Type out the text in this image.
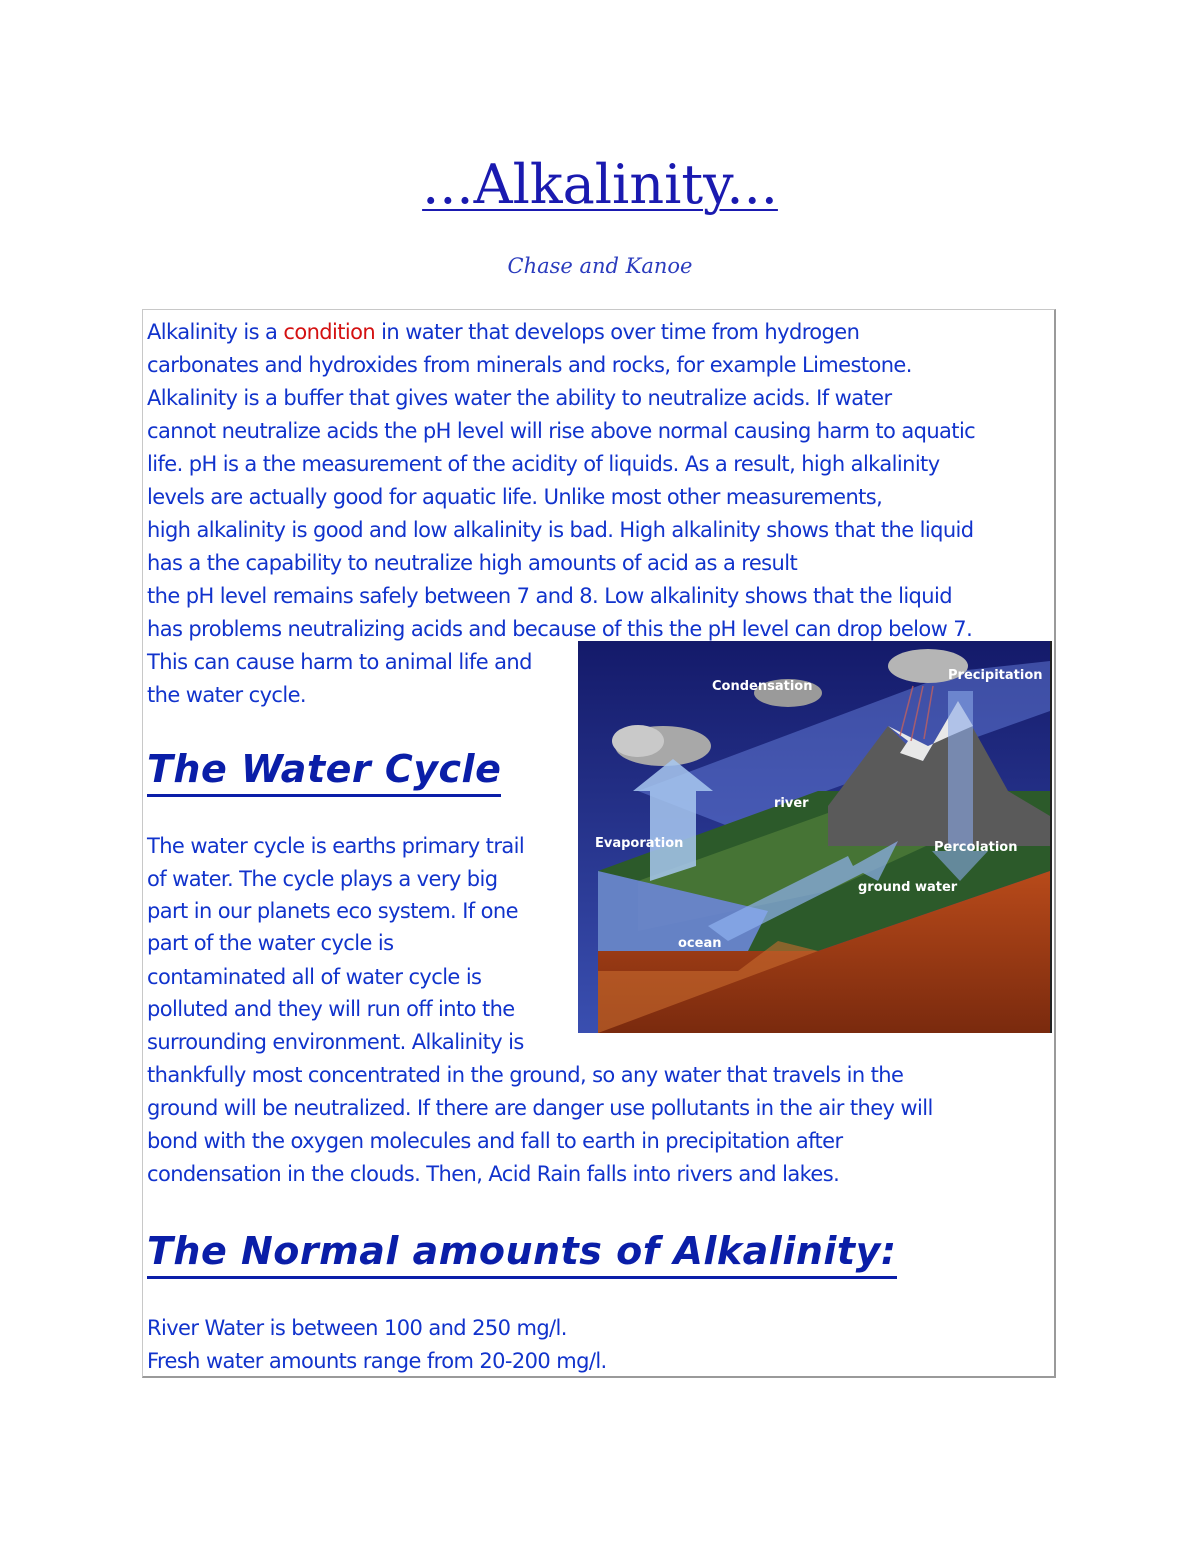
...Alkalinity...
Chase and Kanoe
Alkalinity is a condition in water that develops over time from hydrogen
carbonates and hydroxides from minerals and rocks, for example Limestone.
Alkalinity is a buffer that gives water the ability to neutralize acids. If water
cannot neutralize acids the pH level will rise above normal causing harm to aquatic
life. pH is a the measurement of the acidity of liquids. As a result, high alkalinity
levels are actually good for aquatic life. Unlike most other measurements,
high alkalinity is good and low alkalinity is bad. High alkalinity shows that the liquid
has a the capability to neutralize high amounts of acid as a result
the pH level remains safely between 7 and 8. Low alkalinity shows that the liquid
has problems neutralizing acids and because of this the pH level can drop below 7.
This can cause harm to animal life and
the water cycle.	Condensation
Precipitation
river
Evaporation	Percolation
ground water
ocean
The Water Cycle
The water cycle is earths primary trail
of water. The cycle plays a very big
part in our planets eco system. If one
part of the water cycle is
contaminated all of water cycle is
polluted and they will run off into the
surrounding environment. Alkalinity is
thankfully most concentrated in the ground, so any water that travels in the
ground will be neutralized. If there are danger use pollutants in the air they will
bond with the oxygen molecules and fall to earth in precipitation after
condensation in the clouds. Then, Acid Rain falls into rivers and lakes.
The Normal amounts of Alkalinity:
River Water is between 100 and 250 mg/l.
Fresh water amounts range from 20-200 mg/l.
